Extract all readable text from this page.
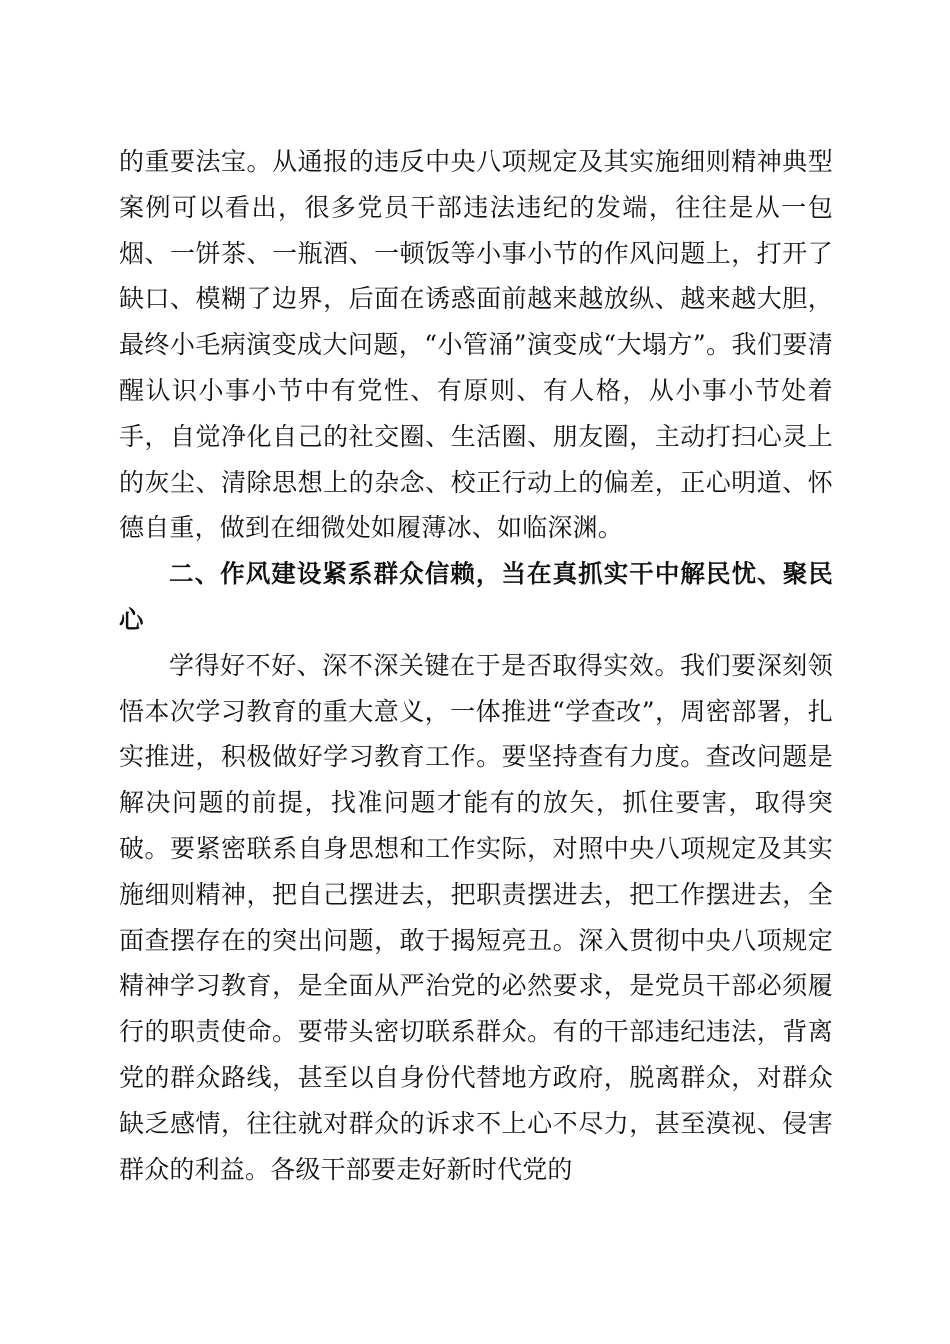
的重要法宝。从通报的违反中央八项规定及其实施细则精神典型案例可以看出，很多党员干部违法违纪的发端，往往是从一包烟、一饼茶、一瓶酒、一顿饭等小事小节的作风问题上，打开了缺口、模糊了边界，后面在诱惑面前越来越放纵、越来越大胆，最终小毛病演变成大问题，“小管涌”演变成“大塌方”。我们要清醒认识小事小节中有党性、有原则、有人格，从小事小节处着手，自觉净化自己的社交圈、生活圈、朋友圈，主动打扫心灵上的灰尘、清除思想上的杂念、校正行动上的偏差，正心明道、怀德自重，做到在细微处如履薄冰、如临深渊。

二、作风建设紧系群众信赖，当在真抓实干中解民忧、聚民心

学得好不好、深不深关键在于是否取得实效。我们要深刻领悟本次学习教育的重大意义，一体推进“学查改”，周密部署，扎实推进，积极做好学习教育工作。要坚持查有力度。查改问题是解决问题的前提，找准问题才能有的放矢，抓住要害，取得突破。要紧密联系自身思想和工作实际，对照中央八项规定及其实施细则精神，把自己摆进去，把职责摆进去，把工作摆进去，全面查摆存在的突出问题，敢于揭短亮丑。深入贯彻中央八项规定精神学习教育，是全面从严治党的必然要求，是党员干部必须履行的职责使命。要带头密切联系群众。有的干部违纪违法，背离党的群众路线，甚至以自身份代替地方政府，脱离群众，对群众缺乏感情，往往就对群众的诉求不上心不尽力，甚至漠视、侵害群众的利益。各级干部要走好新时代党的
